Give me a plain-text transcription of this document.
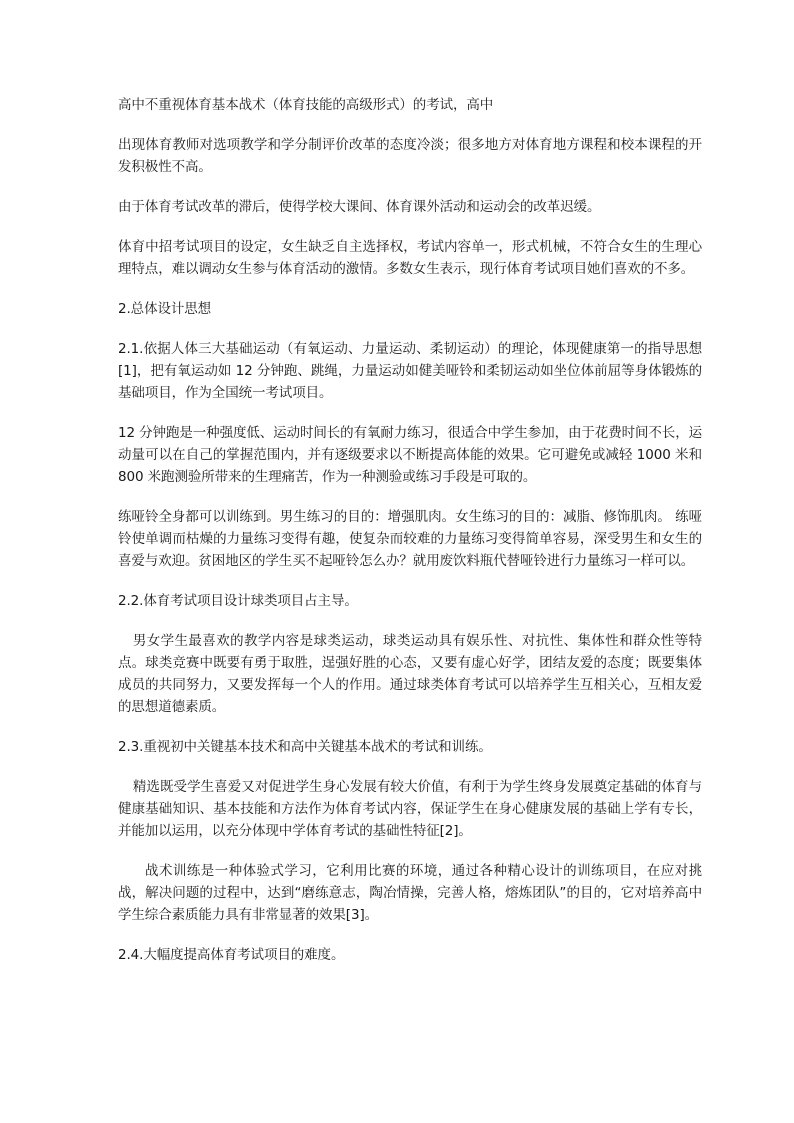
高中不重视体育基本战术（体育技能的高级形式）的考试，高中

出现体育教师对选项教学和学分制评价改革的态度冷淡；很多地方对体育地方课程和校本课程的开发积极性不高。

由于体育考试改革的滞后，使得学校大课间、体育课外活动和运动会的改革迟缓。

体育中招考试项目的设定，女生缺乏自主选择权，考试内容单一，形式机械，不符合女生的生理心理特点，难以调动女生参与体育活动的激情。多数女生表示，现行体育考试项目她们喜欢的不多。

2.总体设计思想

2.1.依据人体三大基础运动（有氧运动、力量运动、柔韧运动）的理论，体现健康第一的指导思想[1]，把有氧运动如 12 分钟跑、跳绳，力量运动如健美哑铃和柔韧运动如坐位体前屈等身体锻炼的基础项目，作为全国统一考试项目。

12 分钟跑是一种强度低、运动时间长的有氧耐力练习，很适合中学生参加，由于花费时间不长，运动量可以在自己的掌握范围内，并有逐级要求以不断提高体能的效果。它可避免或减轻 1000 米和 800 米跑测验所带来的生理痛苦，作为一种测验或练习手段是可取的。

练哑铃全身都可以训练到。男生练习的目的：增强肌肉。女生练习的目的：减脂、修饰肌肉。 练哑铃使单调而枯燥的力量练习变得有趣，使复杂而较难的力量练习变得简单容易，深受男生和女生的喜爱与欢迎。贫困地区的学生买不起哑铃怎么办？就用废饮料瓶代替哑铃进行力量练习一样可以。

2.2.体育考试项目设计球类项目占主导。

男女学生最喜欢的教学内容是球类运动，球类运动具有娱乐性、对抗性、集体性和群众性等特点。球类竞赛中既要有勇于取胜，逞强好胜的心态，又要有虚心好学，团结友爱的态度；既要集体成员的共同努力，又要发挥每一个人的作用。通过球类体育考试可以培养学生互相关心，互相友爱的思想道德素质。

2.3.重视初中关键基本技术和高中关键基本战术的考试和训练。

精选既受学生喜爱又对促进学生身心发展有较大价值，有利于为学生终身发展奠定基础的体育与健康基础知识、基本技能和方法作为体育考试内容，保证学生在身心健康发展的基础上学有专长，并能加以运用，以充分体现中学体育考试的基础性特征[2]。

战术训练是一种体验式学习，它利用比赛的环境，通过各种精心设计的训练项目，在应对挑战，解决问题的过程中，达到“磨练意志，陶冶情操，完善人格，熔炼团队”的目的，它对培养高中学生综合素质能力具有非常显著的效果[3]。

2.4.大幅度提高体育考试项目的难度。
